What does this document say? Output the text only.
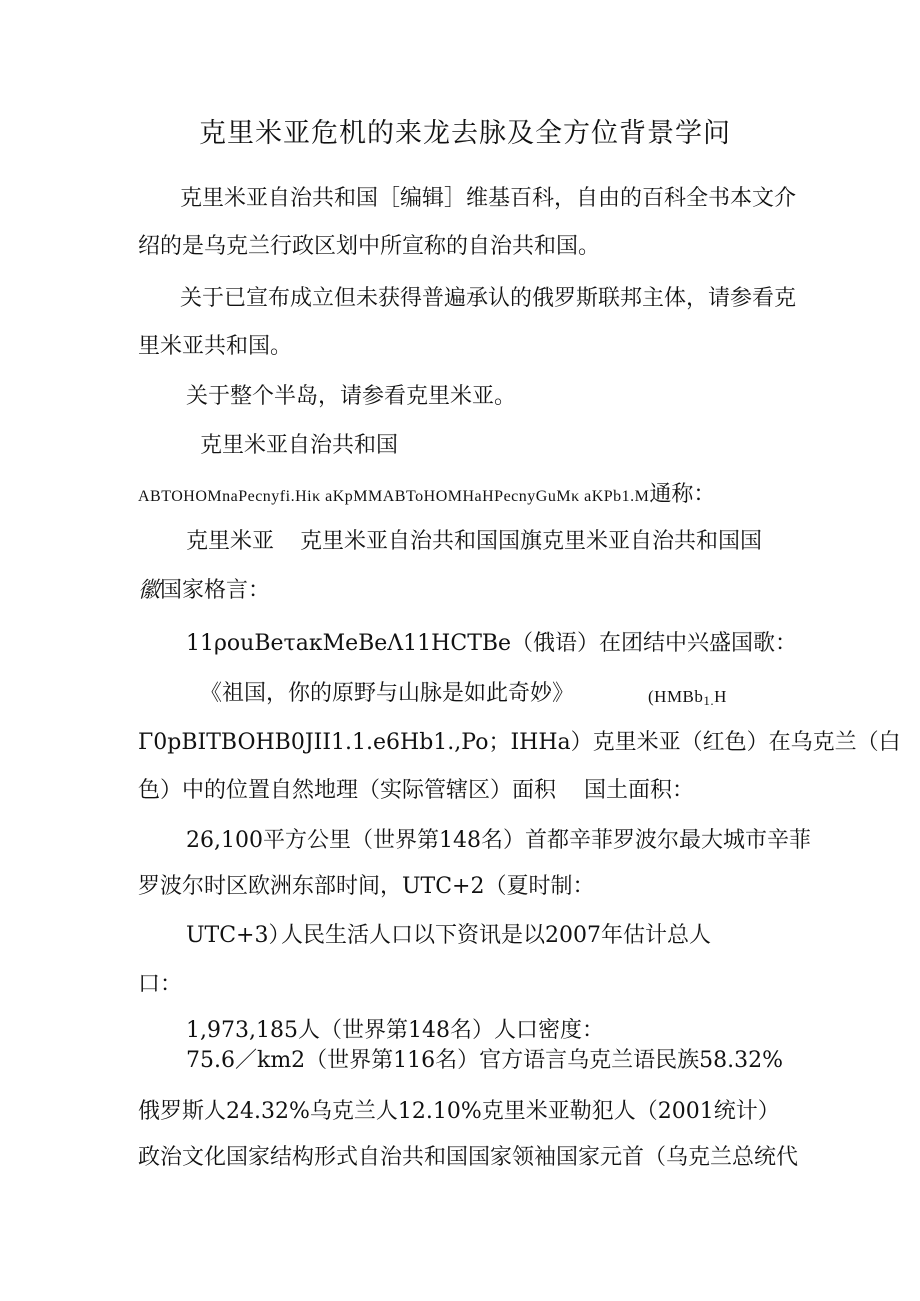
克里米亚危机的来龙去脉及全方位背景学问
克里米亚自治共和国［编辑］维基百科，自由的百科全书本文介
绍的是乌克兰行政区划中所宣称的自治共和国。
关于已宣布成立但未获得普遍承认的俄罗斯联邦主体，请参看克
里米亚共和国。
关于整个半岛，请参看克里米亚。
克里米亚自治共和国
ABTOHOMnaPecnyfi.Hiκ aKpMMABToHOMHaHPecnyGuMκ aKPb1.M通称：
克里米亚 克里米亚自治共和国国旗克里米亚自治共和国国
徽国家格言：
11ρouBeτaκMeBeΛ11HCTBe（俄语）在团结中兴盛国歌：
《祖国，你的原野与山脉是如此奇妙》	(HMBb$_{1.}$H
Γ0pBITBOHB0JII1.1.e6Hb1.,Po；IHHa）克里米亚（红色）在乌克兰（白
色）中的位置自然地理（实际管辖区）面积 国土面积：
26,100平方公里（世界第148名）首都辛菲罗波尔最大城市辛菲
罗波尔时区欧洲东部时间，UTC+2（夏时制：
UTC+3）
人民生活人口以下资讯是以2007年估计总人
口：
1,973,185人（世界第148名）人口密度：
75.6／km2（世界第116名）官方语言乌克兰语民族58.32%
俄罗斯人24.32%乌克兰人12.10%克里米亚勒犯人（2001统计）
政治文化国家结构形式自治共和国国家领袖国家元首（乌克兰总统代
